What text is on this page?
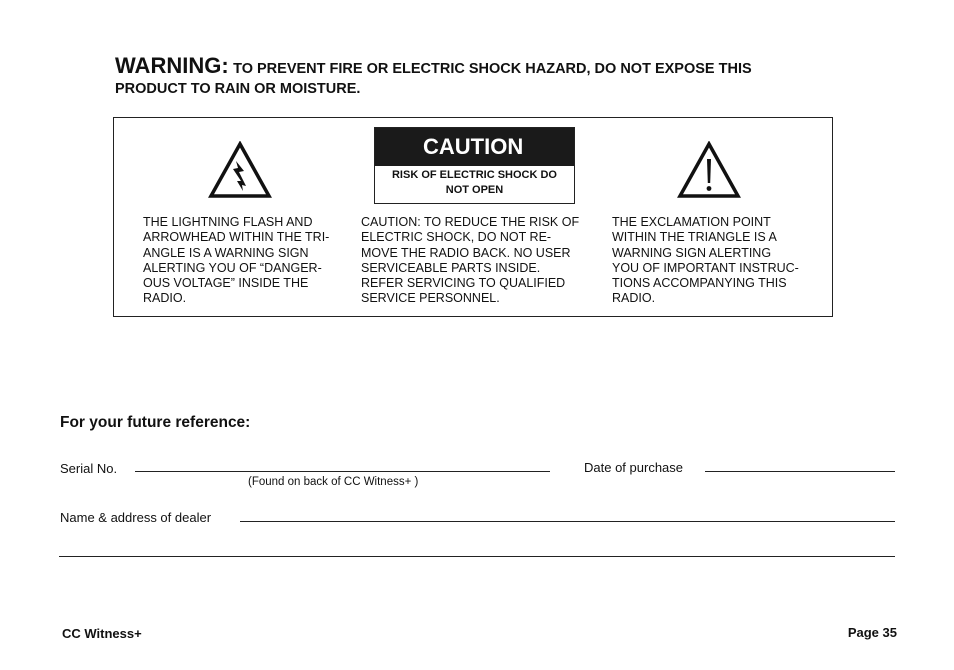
WARNING: TO PREVENT FIRE OR ELECTRIC SHOCK HAZARD, DO NOT EXPOSE THIS
PRODUCT TO RAIN OR MOISTURE.
CAUTION
RISK OF ELECTRIC SHOCK DO
NOT OPEN
THE LIGHTNING FLASH AND
ARROWHEAD WITHIN THE TRI-
ANGLE IS A WARNING SIGN
ALERTING YOU OF “DANGER-
OUS VOLTAGE” INSIDE THE
RADIO.
CAUTION: TO REDUCE THE RISK OF
ELECTRIC SHOCK, DO NOT RE-
MOVE THE RADIO BACK. NO USER
SERVICEABLE PARTS INSIDE.
REFER SERVICING TO QUALIFIED
SERVICE PERSONNEL.
THE EXCLAMATION POINT
WITHIN THE TRIANGLE IS A
WARNING SIGN ALERTING
YOU OF IMPORTANT INSTRUC-
TIONS ACCOMPANYING THIS
RADIO.
For your future reference:
Serial No.
(Found on back of CC Witness+ )
Date of purchase
Name & address of dealer
CC Witness+	Page 35
